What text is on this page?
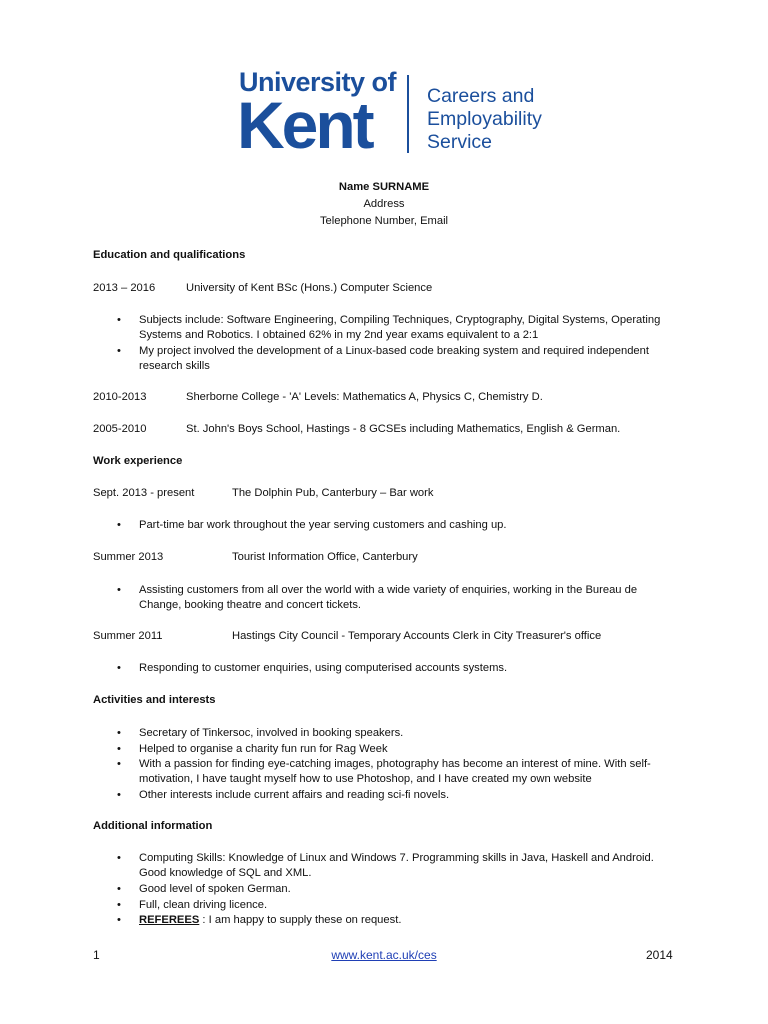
University of
Kent	Careers and
Employability
Service
Name SURNAME
Address
Telephone Number, Email
Education and qualifications
2013 – 2016	University of Kent BSc (Hons.) Computer Science
• Subjects include: Software Engineering, Compiling Techniques, Cryptography, Digital Systems, Operating Systems and Robotics. I obtained 62% in my 2nd year exams equivalent to a 2:1
• My project involved the development of a Linux-based code breaking system and required independent research skills
2010-2013	Sherborne College - 'A' Levels: Mathematics A, Physics C, Chemistry D.
2005-2010	St. John's Boys School, Hastings - 8 GCSEs including Mathematics, English & German.
Work experience
Sept. 2013 - present	The Dolphin Pub, Canterbury – Bar work
• Part-time bar work throughout the year serving customers and cashing up.
Summer 2013	Tourist Information Office, Canterbury
• Assisting customers from all over the world with a wide variety of enquiries, working in the Bureau de Change, booking theatre and concert tickets.
Summer 2011	Hastings City Council - Temporary Accounts Clerk in City Treasurer's office
• Responding to customer enquiries, using computerised accounts systems.
Activities and interests
• Secretary of Tinkersoc, involved in booking speakers.
• Helped to organise a charity fun run for Rag Week
• With a passion for finding eye-catching images, photography has become an interest of mine. With self-motivation, I have taught myself how to use Photoshop, and I have created my own website
• Other interests include current affairs and reading sci-fi novels.
Additional information
• Computing Skills: Knowledge of Linux and Windows 7. Programming skills in Java, Haskell and Android. Good knowledge of SQL and XML.
• Good level of spoken German.
• Full, clean driving licence.
• REFEREES : I am happy to supply these on request.
1	www.kent.ac.uk/ces	2014
